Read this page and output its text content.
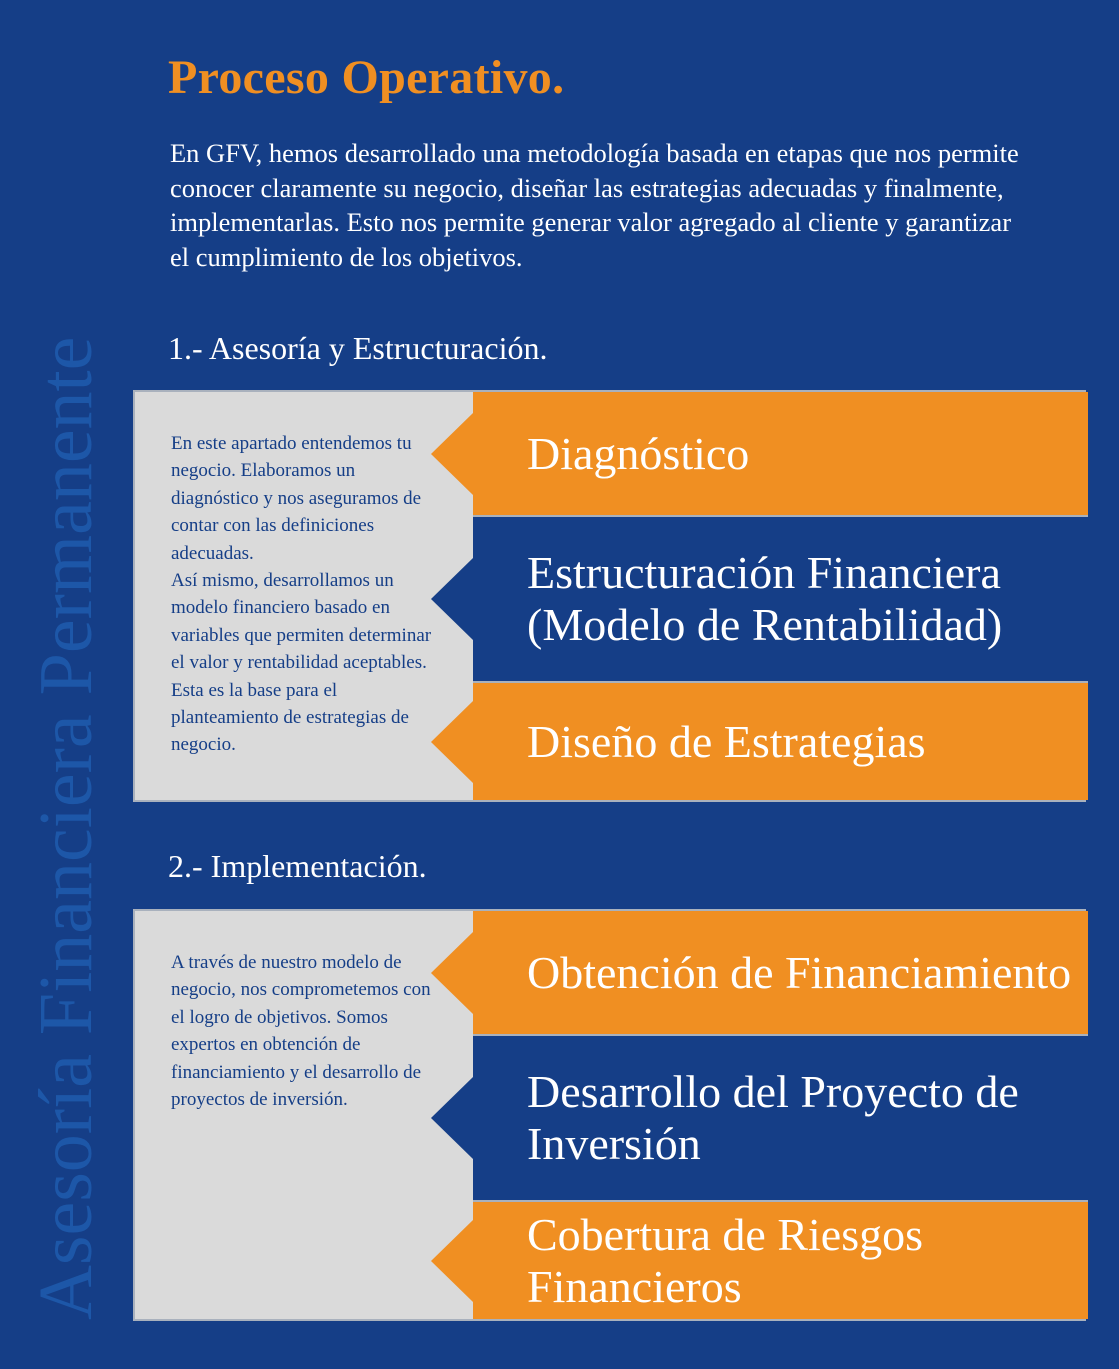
Asesoría Financiera Permanente
Proceso Operativo.

En GFV, hemos desarrollado una metodología basada en etapas que nos permite conocer claramente su negocio, diseñar las estrategias adecuadas y finalmente, implementarlas. Esto nos permite generar valor agregado al cliente y garantizar el cumplimiento de los objetivos.

1.- Asesoría y Estructuración.

En este apartado entendemos tu negocio. Elaboramos un diagnóstico y nos aseguramos de contar con las definiciones adecuadas.
Así mismo, desarrollamos un modelo financiero basado en variables que permiten determinar el valor y rentabilidad aceptables. Esta es la base para el planteamiento de estrategias de negocio.

Diagnóstico
Estructuración Financiera (Modelo de Rentabilidad)
Diseño de Estrategias
2.- Implementación.

A través de nuestro modelo de negocio, nos comprometemos con el logro de objetivos. Somos expertos en obtención de financiamiento y el desarrollo de proyectos de inversión.

Obtención de Financiamiento
Desarrollo del Proyecto de Inversión
Cobertura de Riesgos Financieros
